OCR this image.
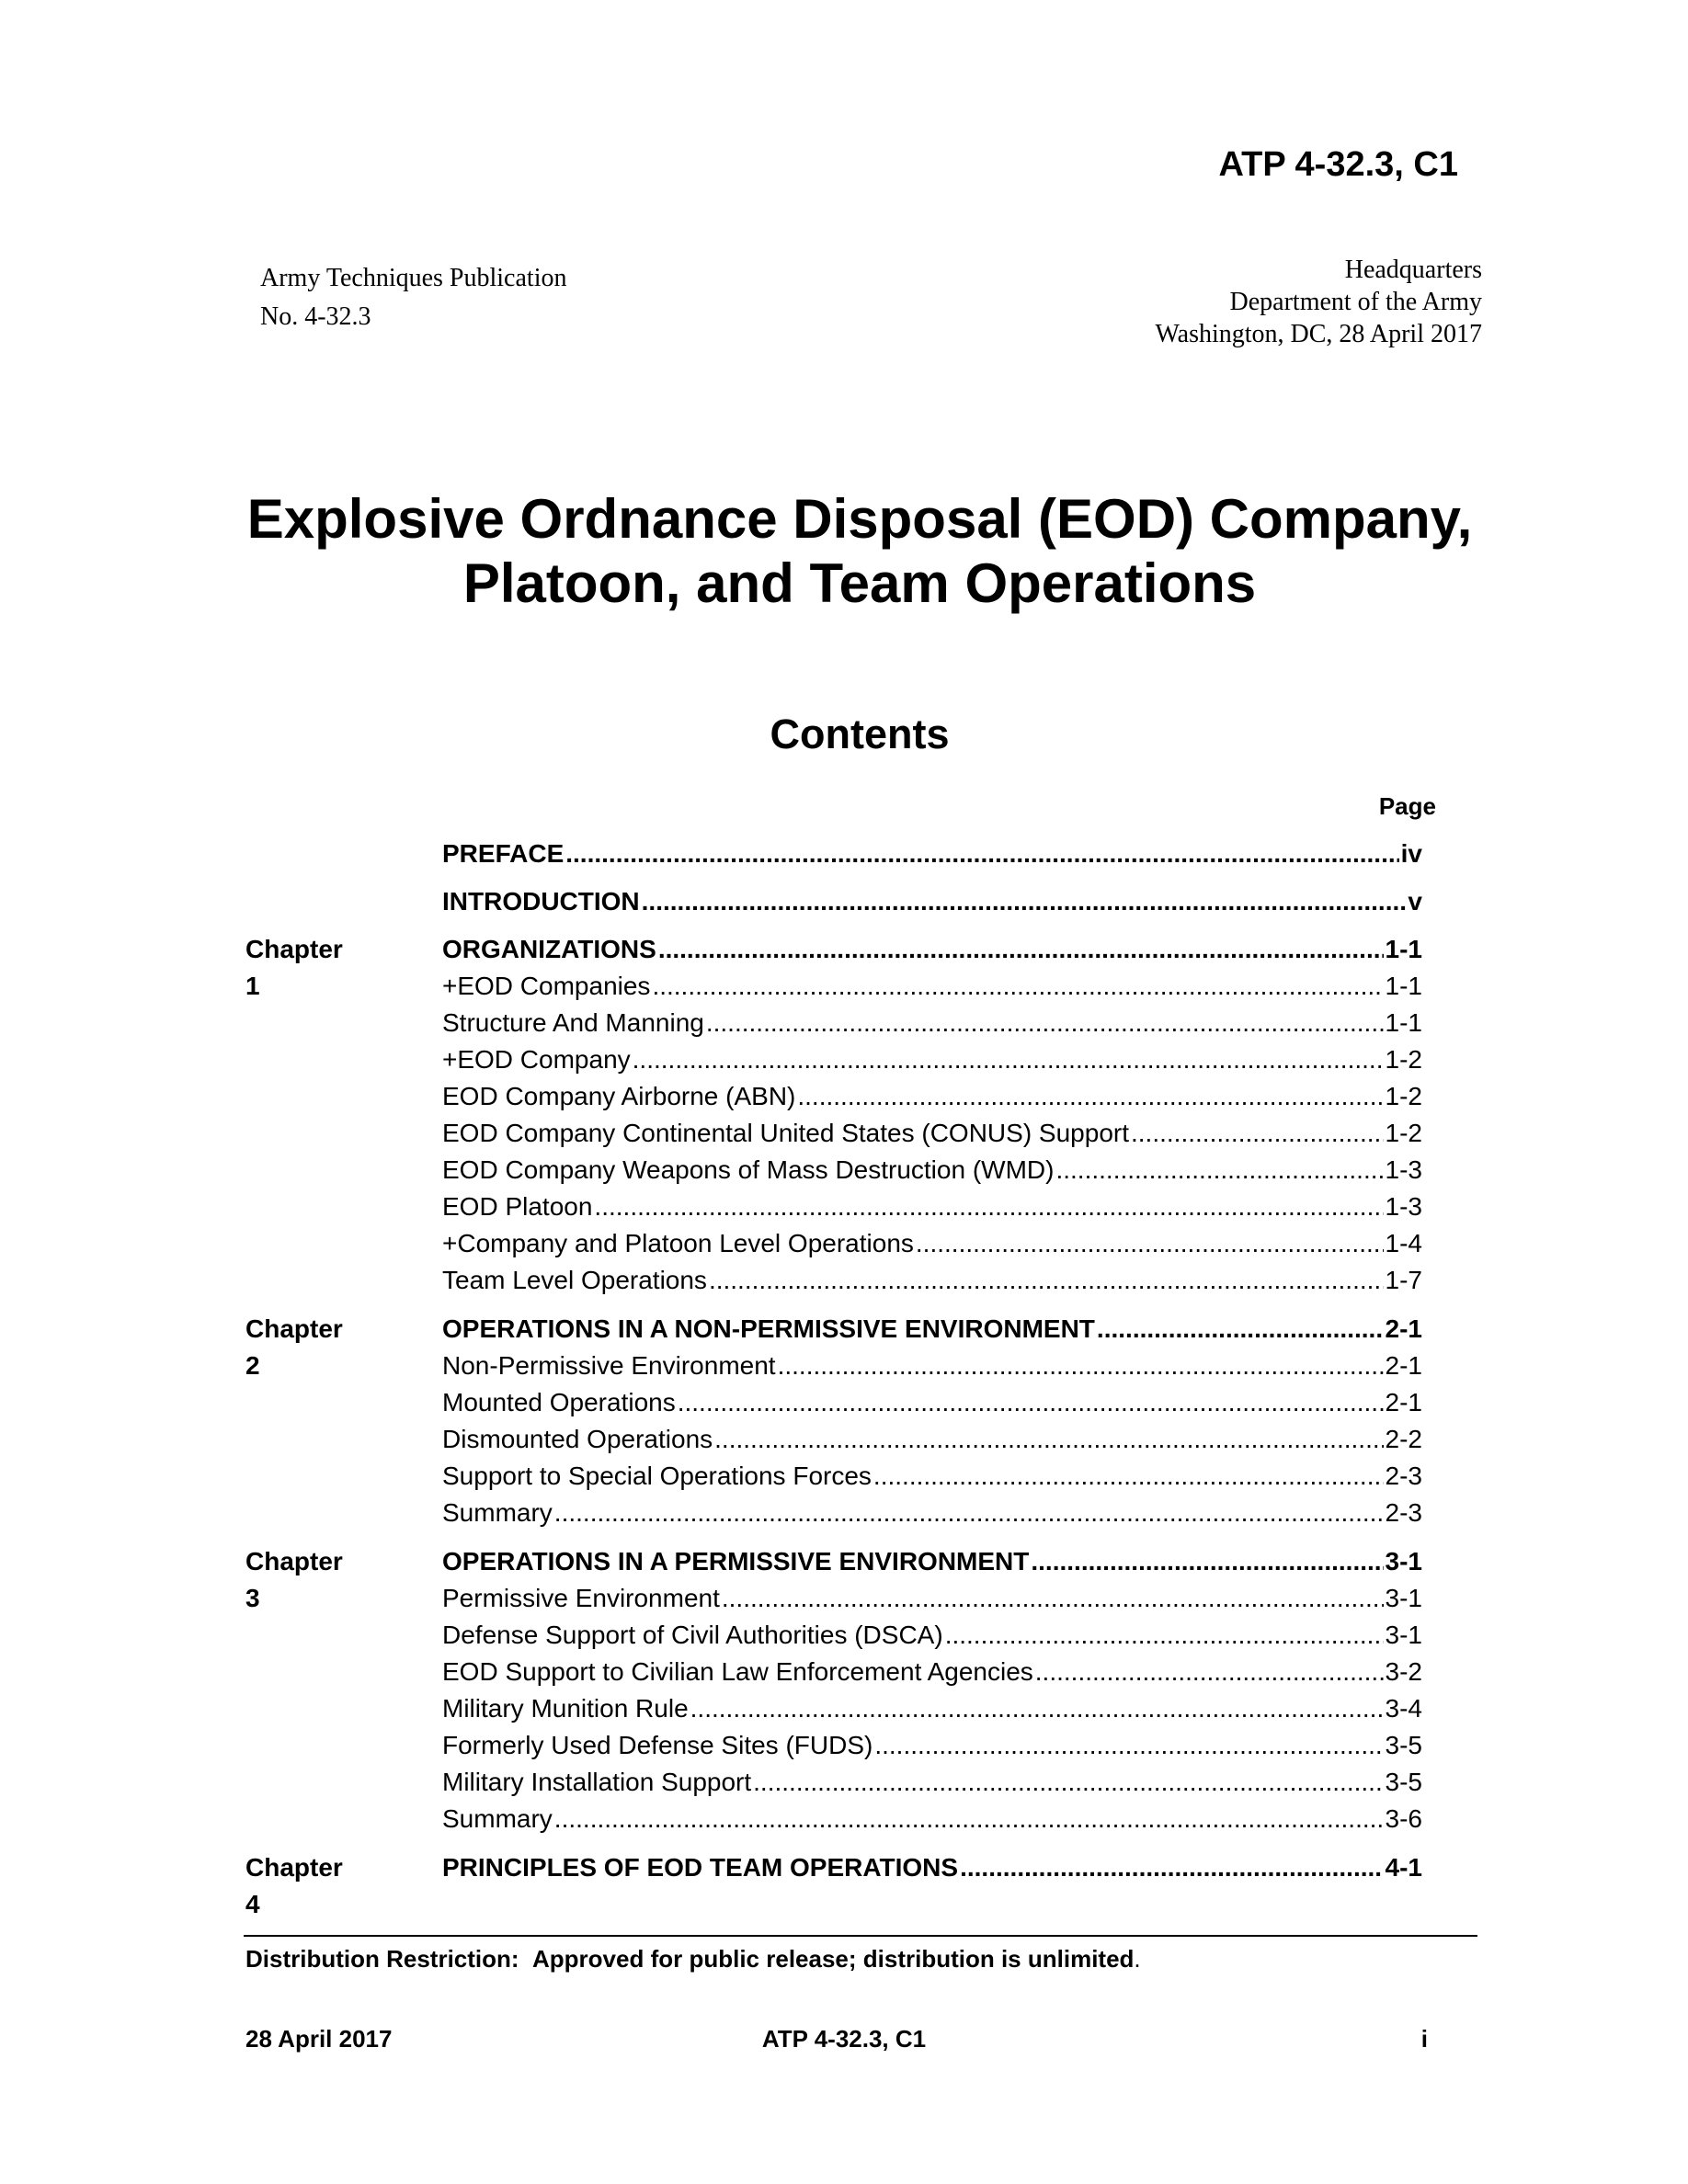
ATP 4-32.3, C1
Army Techniques Publication
No. 4-32.3
Headquarters
Department of the Army
Washington, DC, 28 April 2017
Explosive Ordnance Disposal (EOD) Company,
Platoon, and Team Operations
Contents
Page
PREFACE .....	iv
INTRODUCTION .....	v
Chapter 1
ORGANIZATIONS .....	1-1
+EOD Companies .....	1-1
Structure And Manning .....	1-1
+EOD Company .....	1-2
EOD Company Airborne (ABN) .....	1-2
EOD Company Continental United States (CONUS) Support .....	1-2
EOD Company Weapons of Mass Destruction (WMD) .....	1-3
EOD Platoon .....	1-3
+Company and Platoon Level Operations .....	1-4
Team Level Operations .....	1-7
Chapter 2
OPERATIONS IN A NON-PERMISSIVE ENVIRONMENT .....	2-1
Non-Permissive Environment .....	2-1
Mounted Operations .....	2-1
Dismounted Operations .....	2-2
Support to Special Operations Forces .....	2-3
Summary .....	2-3
Chapter 3
OPERATIONS IN A PERMISSIVE ENVIRONMENT .....	3-1
Permissive Environment .....	3-1
Defense Support of Civil Authorities (DSCA) .....	3-1
EOD Support to Civilian Law Enforcement Agencies .....	3-2
Military Munition Rule .....	3-4
Formerly Used Defense Sites (FUDS) .....	3-5
Military Installation Support .....	3-5
Summary .....	3-6
Chapter 4
PRINCIPLES OF EOD TEAM OPERATIONS .....	4-1
Distribution Restriction: Approved for public release; distribution is unlimited.
28 April 2017	ATP 4-32.3, C1	i
